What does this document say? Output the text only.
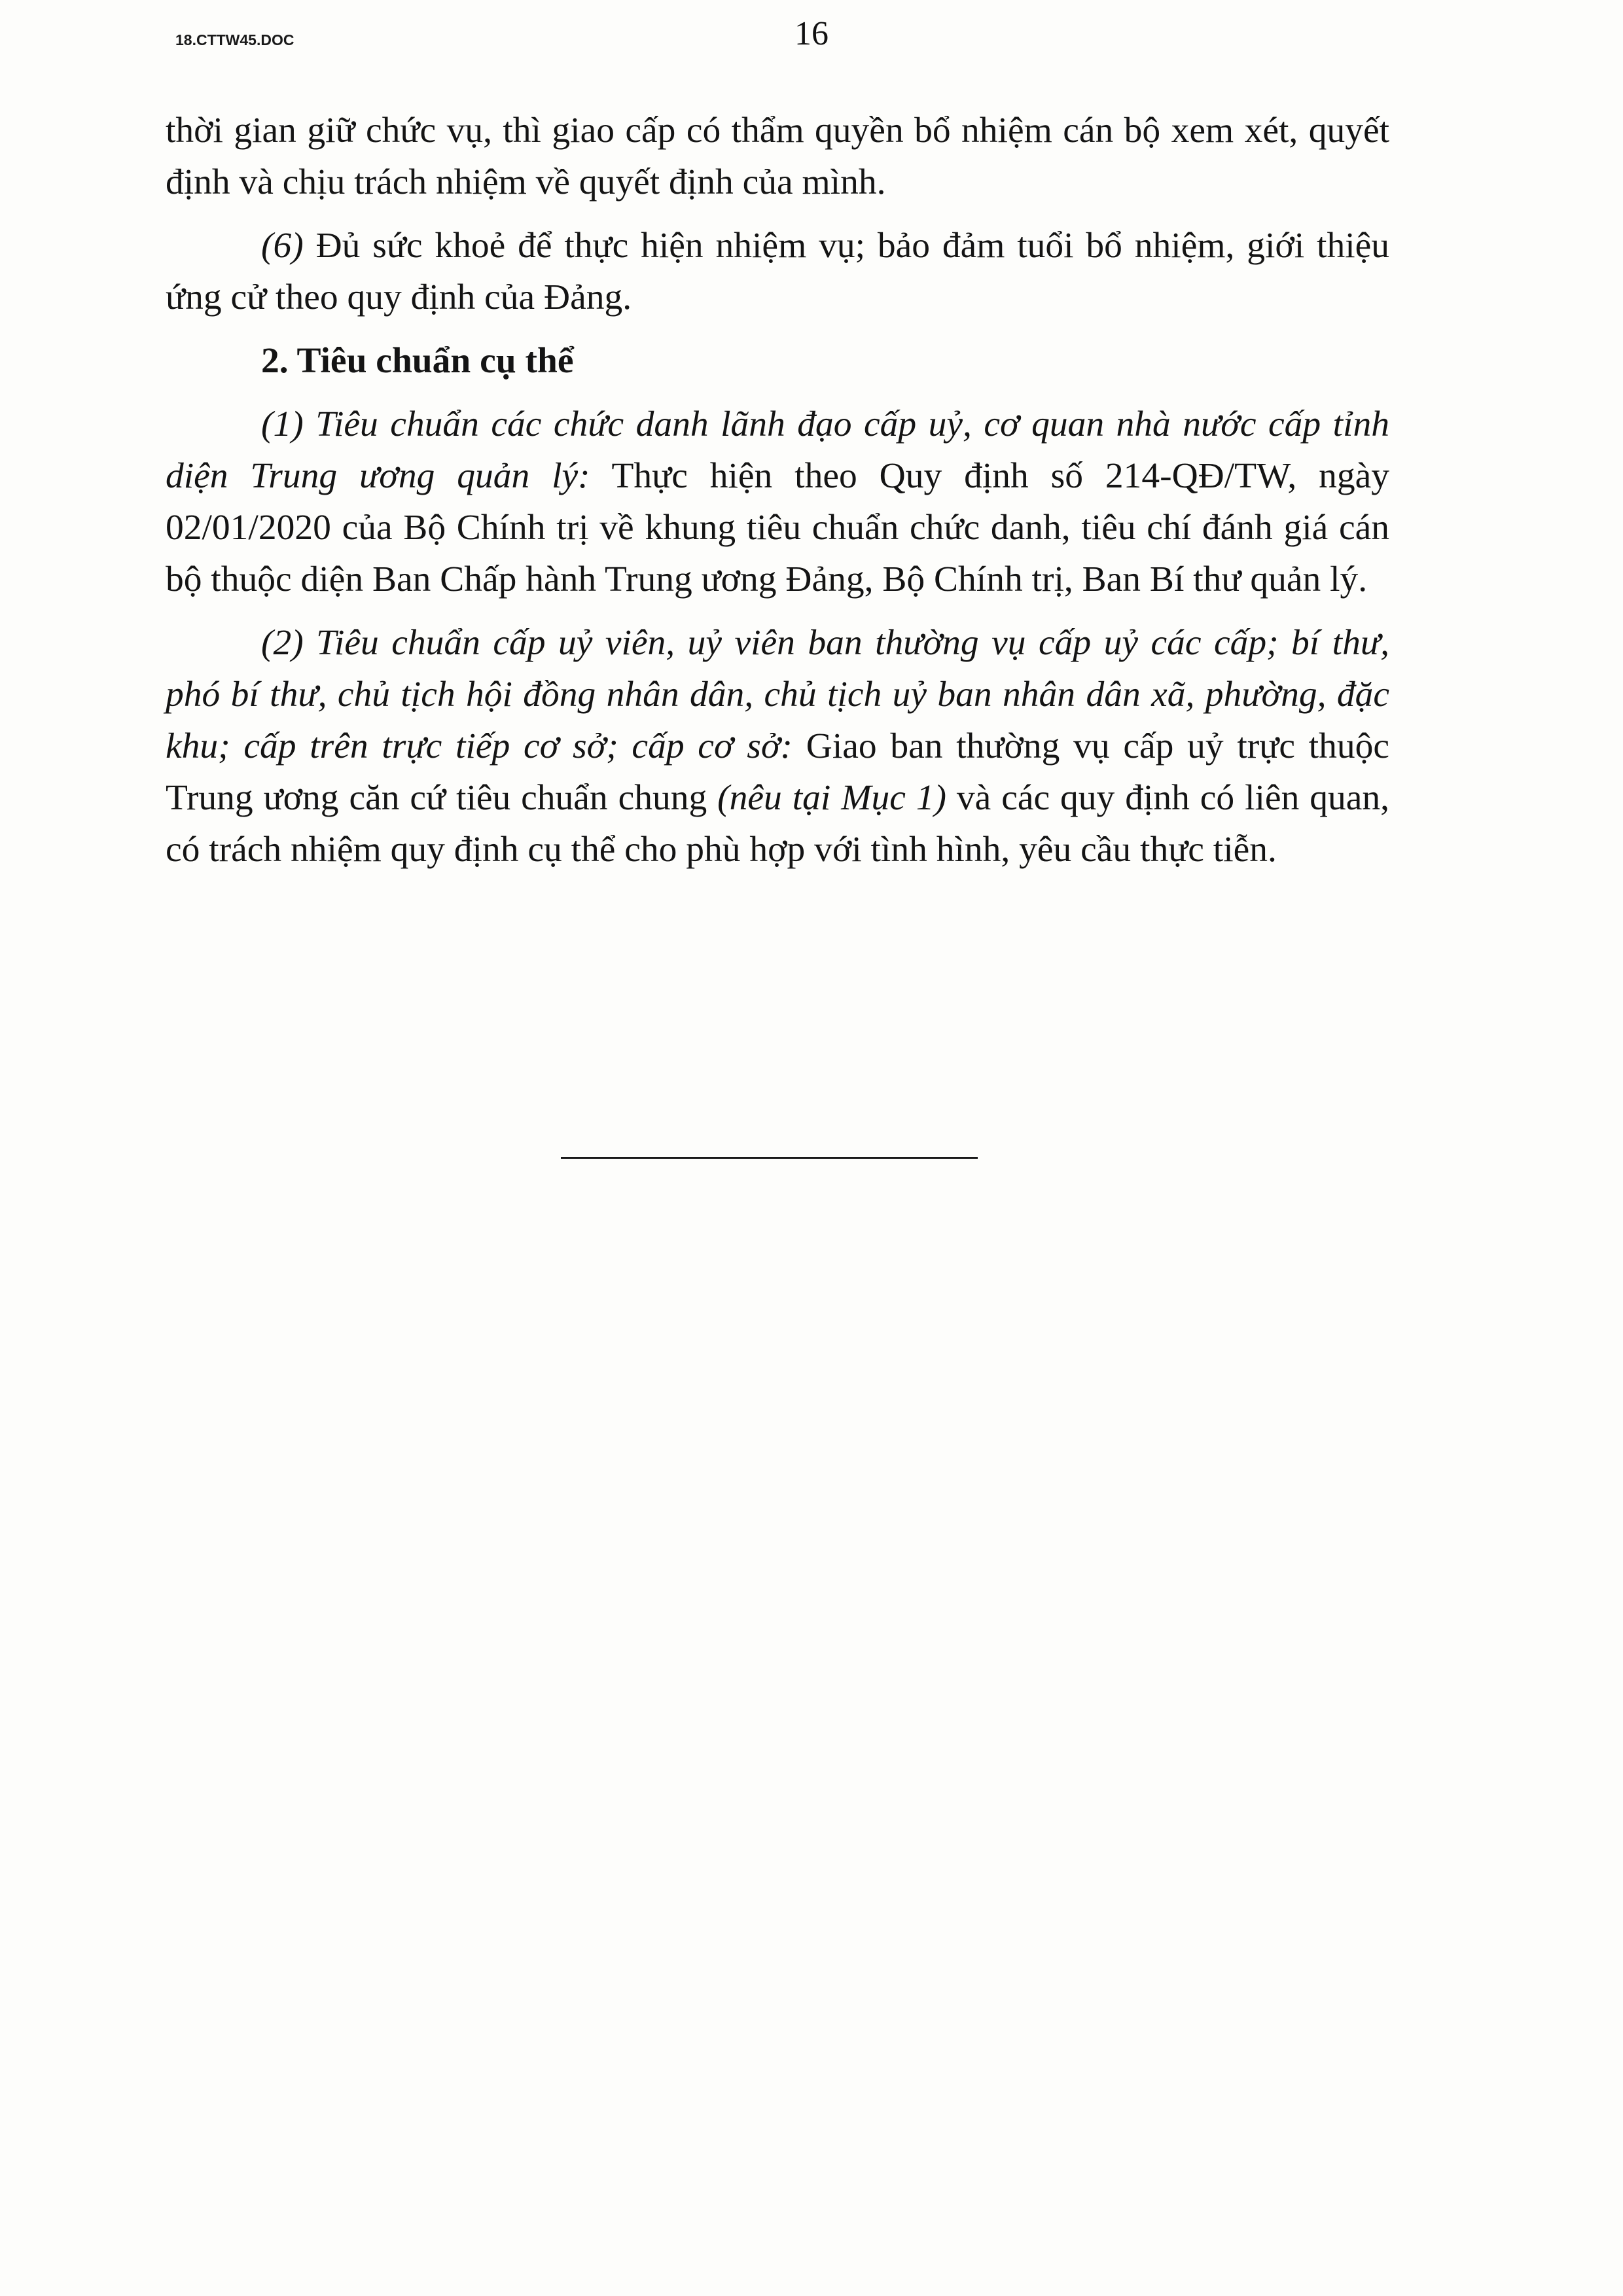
18.CTTW45.DOC	16

thời gian giữ chức vụ, thì giao cấp có thẩm quyền bổ nhiệm cán bộ xem xét, quyết định và chịu trách nhiệm về quyết định của mình.

(6) Đủ sức khoẻ để thực hiện nhiệm vụ; bảo đảm tuổi bổ nhiệm, giới thiệu ứng cử theo quy định của Đảng.

2. Tiêu chuẩn cụ thể

(1) Tiêu chuẩn các chức danh lãnh đạo cấp uỷ, cơ quan nhà nước cấp tỉnh diện Trung ương quản lý: Thực hiện theo Quy định số 214-QĐ/TW, ngày 02/01/2020 của Bộ Chính trị về khung tiêu chuẩn chức danh, tiêu chí đánh giá cán bộ thuộc diện Ban Chấp hành Trung ương Đảng, Bộ Chính trị, Ban Bí thư quản lý.

(2) Tiêu chuẩn cấp uỷ viên, uỷ viên ban thường vụ cấp uỷ các cấp; bí thư, phó bí thư, chủ tịch hội đồng nhân dân, chủ tịch uỷ ban nhân dân xã, phường, đặc khu; cấp trên trực tiếp cơ sở; cấp cơ sở: Giao ban thường vụ cấp uỷ trực thuộc Trung ương căn cứ tiêu chuẩn chung (nêu tại Mục 1) và các quy định có liên quan, có trách nhiệm quy định cụ thể cho phù hợp với tình hình, yêu cầu thực tiễn.
